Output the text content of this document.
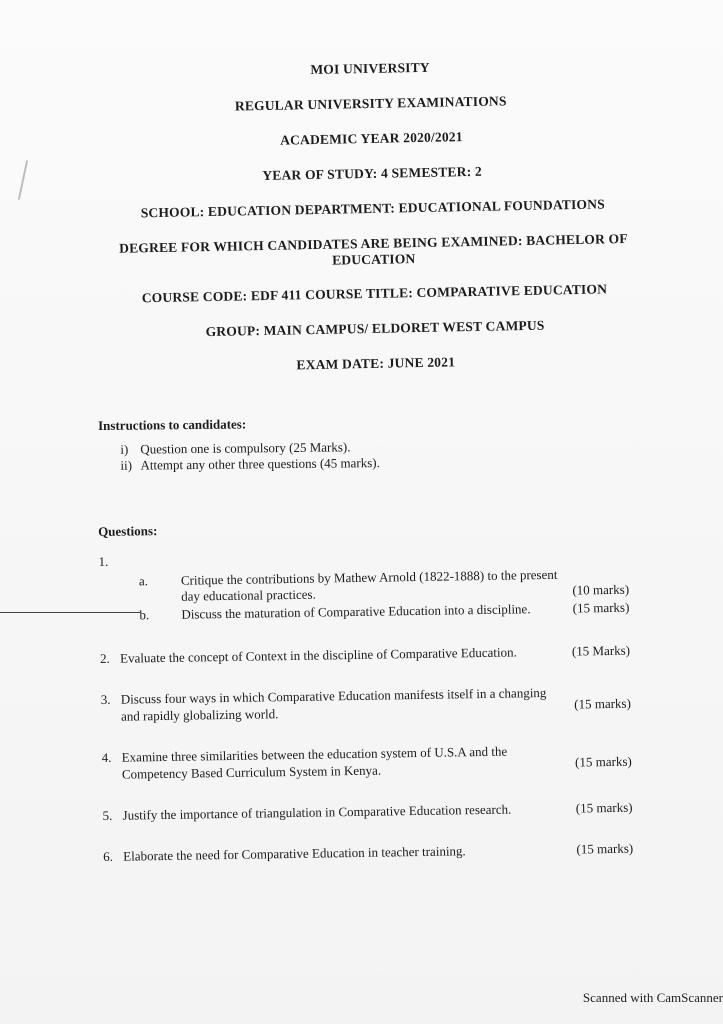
MOI UNIVERSITY
REGULAR UNIVERSITY EXAMINATIONS
ACADEMIC YEAR 2020/2021
YEAR OF STUDY: 4 SEMESTER: 2
SCHOOL: EDUCATION DEPARTMENT: EDUCATIONAL FOUNDATIONS
DEGREE FOR WHICH CANDIDATES ARE BEING EXAMINED: BACHELOR OF
EDUCATION
COURSE CODE: EDF 411 COURSE TITLE: COMPARATIVE EDUCATION
GROUP: MAIN CAMPUS/ ELDORET WEST CAMPUS
EXAM DATE: JUNE 2021
Instructions to candidates:
i) Question one is compulsory (25 Marks).
ii) Attempt any other three questions (45 marks).
Questions:
1.
a.	Critique the contributions by Mathew Arnold (1822-1888) to the present day educational practices.	(10 marks)
b.	Discuss the maturation of Comparative Education into a discipline.	(15 marks)
2. Evaluate the concept of Context in the discipline of Comparative Education.	(15 Marks)
3. Discuss four ways in which Comparative Education manifests itself in a changing and rapidly globalizing world.
(15 marks)
4. Examine three similarities between the education system of U.S.A and the Competency Based Curriculum System in Kenya.
(15 marks)
5. Justify the importance of triangulation in Comparative Education research.	(15 marks)
6. Elaborate the need for Comparative Education in teacher training.	(15 marks)
Scanned with CamScanner
